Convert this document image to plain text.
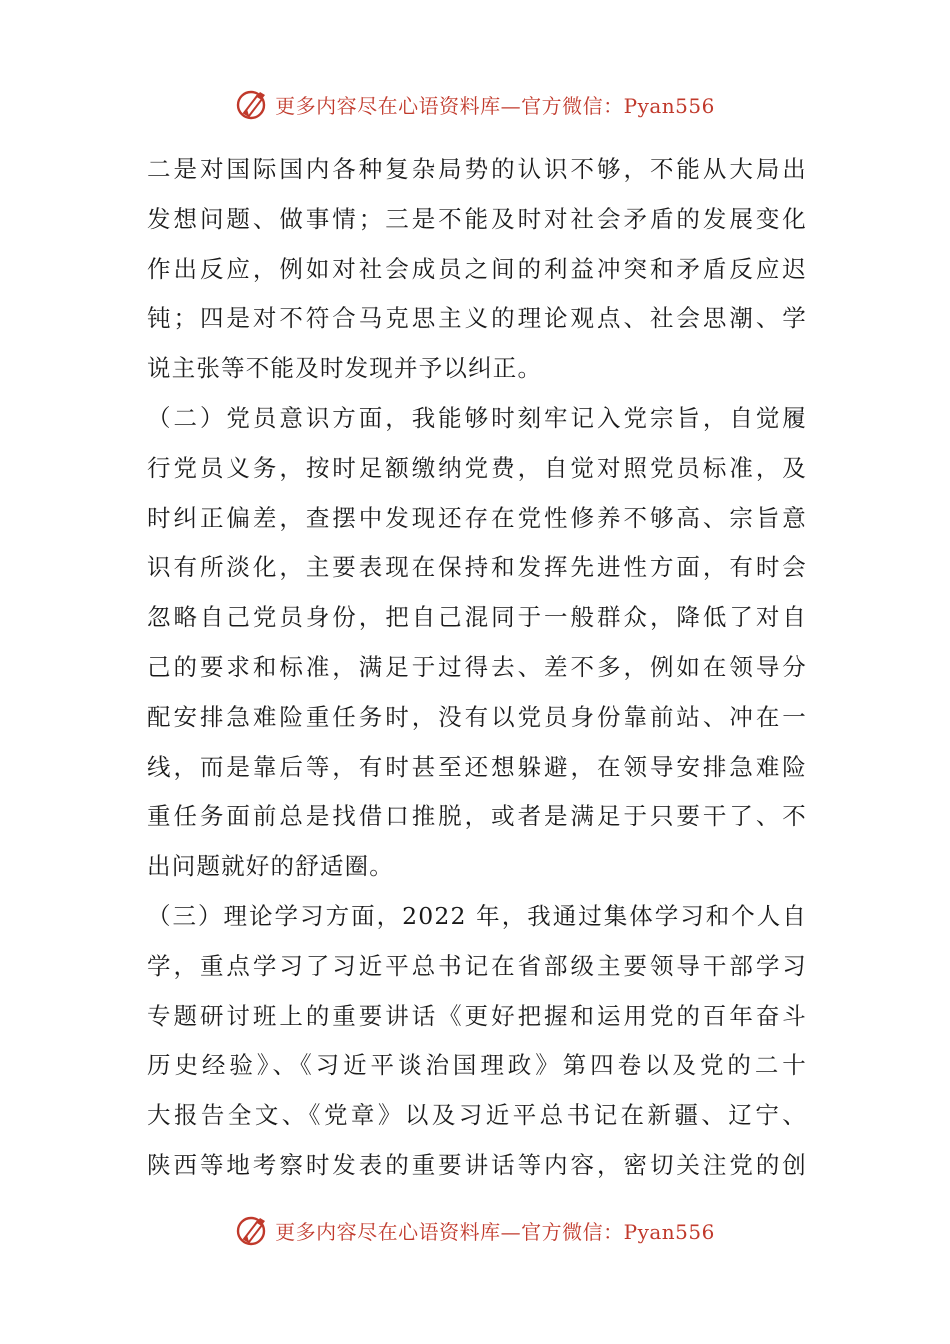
更多内容尽在心语资料库—官方微信：Pyan556

二是对国际国内各种复杂局势的认识不够，不能从大局出
发想问题、做事情；三是不能及时对社会矛盾的发展变化
作出反应，例如对社会成员之间的利益冲突和矛盾反应迟
钝；四是对不符合马克思主义的理论观点、社会思潮、学
说主张等不能及时发现并予以纠正。
（二）党员意识方面，我能够时刻牢记入党宗旨，自觉履
行党员义务，按时足额缴纳党费，自觉对照党员标准，及
时纠正偏差，查摆中发现还存在党性修养不够高、宗旨意
识有所淡化，主要表现在保持和发挥先进性方面，有时会
忽略自己党员身份，把自己混同于一般群众，降低了对自
己的要求和标准，满足于过得去、差不多，例如在领导分
配安排急难险重任务时，没有以党员身份靠前站、冲在一
线，而是靠后等，有时甚至还想躲避，在领导安排急难险
重任务面前总是找借口推脱，或者是满足于只要干了、不
出问题就好的舒适圈。
（三）理论学习方面，2022 年，我通过集体学习和个人自
学，重点学习了习近平总书记在省部级主要领导干部学习
专题研讨班上的重要讲话《更好把握和运用党的百年奋斗
历史经验》、《习近平谈治国理政》第四卷以及党的二十
大报告全文、《党章》以及习近平总书记在新疆、辽宁、
陕西等地考察时发表的重要讲话等内容，密切关注党的创

更多内容尽在心语资料库—官方微信：Pyan556
